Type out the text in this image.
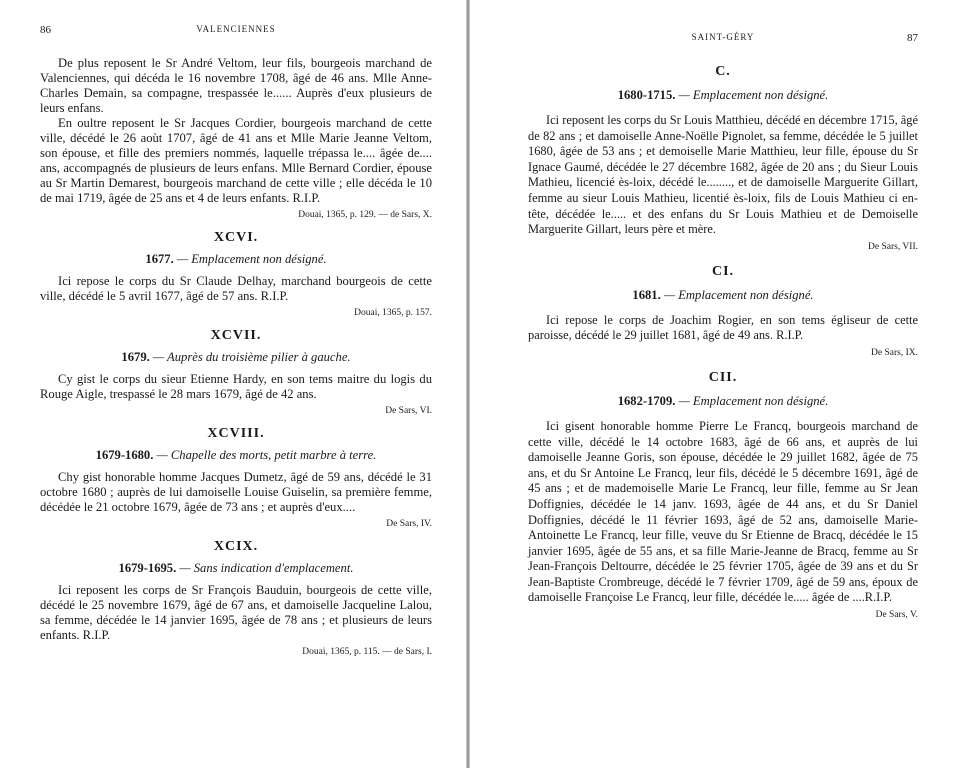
86	VALENCIENNES

De plus reposent le Sr André Veltom, leur fils, bourgeois marchand de Valenciennes, qui décéda le 16 novembre 1708, âgé de 46 ans. Mlle Anne-Charles Demain, sa compagne, trespassée le...... Auprès d'eux plusieurs de leurs enfans.

En oultre reposent le Sr Jacques Cordier, bourgeois marchand de cette ville, décédé le 26 aoùt 1707, âgé de 41 ans et Mlle Marie Jeanne Veltom, son épouse, et fille des premiers nommés, laquelle trépassa le.... âgée de.... ans, accompagnés de plusieurs de leurs enfans. Mlle Bernard Cordier, épouse au Sr Martin Demarest, bourgeois marchand de cette ville ; elle décéda le 10 de mai 1719, âgée de 25 ans et 4 de leurs enfants. R.I.P.

Douai, 1365, p. 129. — de Sars, X.
XCVI.
1677. — Emplacement non désigné.

Ici repose le corps du Sr Claude Delhay, marchand bourgeois de cette ville, décédé le 5 avril 1677, âgé de 57 ans. R.I.P.

Douai, 1365, p. 157.
XCVII.
1679. — Auprès du troisième pilier à gauche.

Cy gist le corps du sieur Etienne Hardy, en son tems maitre du logis du Rouge Aigle, trespassé le 28 mars 1679, âgé de 42 ans.

De Sars, VI.
XCVIII.
1679-1680. — Chapelle des morts, petit marbre à terre.

Chy gist honorable homme Jacques Dumetz, âgé de 59 ans, décédé le 31 octobre 1680 ; auprès de lui damoiselle Louise Guiselin, sa première femme, décédée le 21 octobre 1679, âgée de 73 ans ; et auprès d'eux....

De Sars, IV.
XCIX.
1679-1695. — Sans indication d'emplacement.

Ici reposent les corps de Sr François Bauduin, bourgeois de cette ville, décédé le 25 novembre 1679, âgé de 67 ans, et damoiselle Jacqueline Lalou, sa femme, décédée le 14 janvier 1695, âgée de 78 ans ; et plusieurs de leurs enfants. R.I.P.

Douai, 1365, p. 115. — de Sars, I.
SAINT-GÉRY	87
C.
1680-1715. — Emplacement non désigné.

Ici reposent les corps du Sr Louis Matthieu, décédé en décembre 1715, âgé de 82 ans ; et damoiselle Anne-Noëlle Pignolet, sa femme, décédée le 5 juillet 1680, âgée de 53 ans ; et demoiselle Marie Matthieu, leur fille, épouse du Sr Ignace Gaumé, décédée le 27 décembre 1682, âgée de 20 ans ; du Sieur Louis Mathieu, licencié ès-loix, décédé le........, et de damoiselle Marguerite Gillart, femme au sieur Louis Mathieu, licentié ès-loix, fils de Louis Mathieu ci en-tête, décédée le..... et des enfans du Sr Louis Mathieu et de Demoiselle Marguerite Gillart, leurs père et mère.

De Sars, VII.
CI.
1681. — Emplacement non désigné.

Ici repose le corps de Joachim Rogier, en son tems égliseur de cette paroisse, décédé le 29 juillet 1681, âgé de 49 ans. R.I.P.

De Sars, IX.
CII.
1682-1709. — Emplacement non désigné.

Ici gisent honorable homme Pierre Le Francq, bourgeois marchand de cette ville, décédé le 14 octobre 1683, âgé de 66 ans, et auprès de lui damoiselle Jeanne Goris, son épouse, décédée le 29 juillet 1682, âgée de 75 ans, et du Sr Antoine Le Francq, leur fils, décédé le 5 décembre 1691, âgé de 45 ans ; et de mademoiselle Marie Le Francq, leur fille, femme au Sr Jean Doffignies, décédée le 14 janv. 1693, âgée de 44 ans, et du Sr Daniel Doffignies, décédé le 11 février 1693, âgé de 52 ans, damoiselle Marie-Antoinette Le Francq, leur fille, veuve du Sr Etienne de Bracq, décédée le 15 janvier 1695, âgée de 55 ans, et sa fille Marie-Jeanne de Bracq, femme au Sr Jean-François Deltourre, décédée le 25 février 1705, âgée de 39 ans et du Sr Jean-Baptiste Crombreuge, décédé le 7 février 1709, âgé de 59 ans, époux de damoiselle Françoise Le Francq, leur fille, décédée le..... âgée de ....R.I.P.

De Sars, V.
